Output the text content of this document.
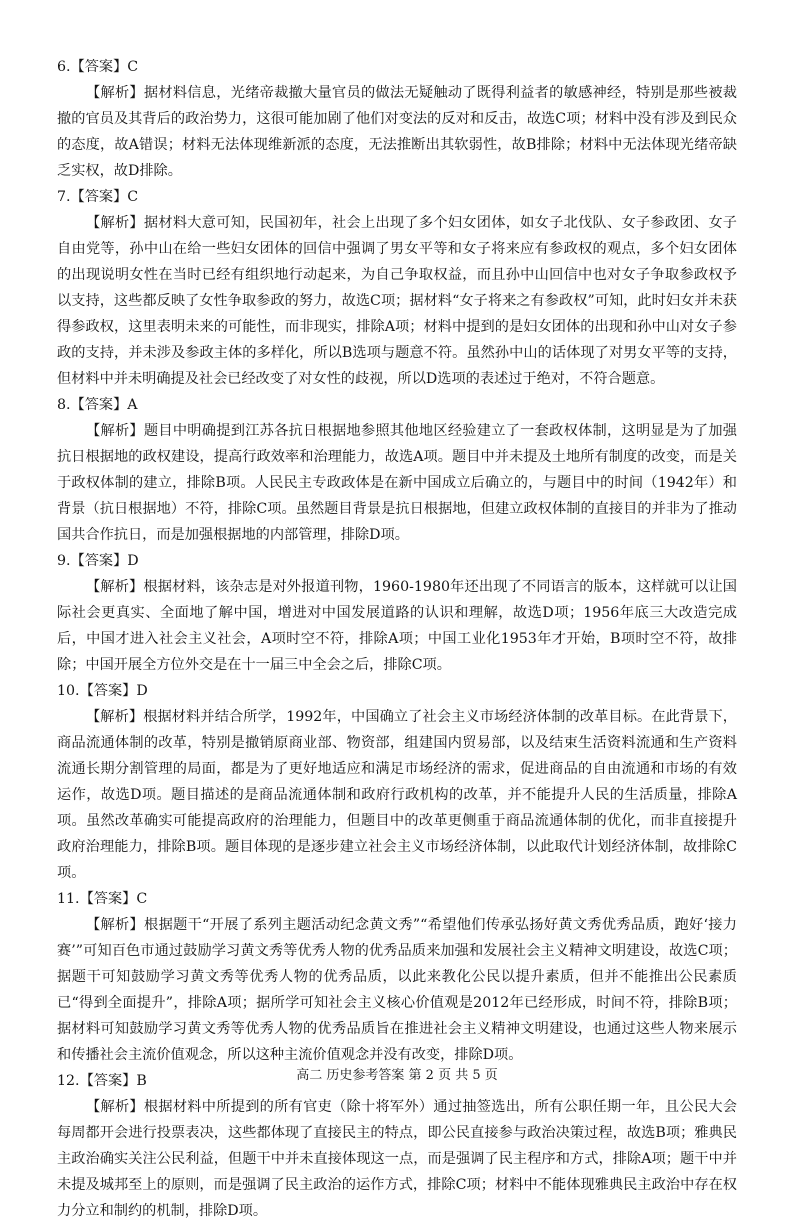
6.【答案】C

【解析】据材料信息，光绪帝裁撤大量官员的做法无疑触动了既得利益者的敏感神经，特别是那些被裁撤的官员及其背后的政治势力，这很可能加剧了他们对变法的反对和反击，故选C项；材料中没有涉及到民众的态度，故A错误；材料无法体现维新派的态度，无法推断出其软弱性，故B排除；材料中无法体现光绪帝缺乏实权，故D排除。

7.【答案】C

【解析】据材料大意可知，民国初年，社会上出现了多个妇女团体，如女子北伐队、女子参政团、女子自由党等，孙中山在给一些妇女团体的回信中强调了男女平等和女子将来应有参政权的观点，多个妇女团体的出现说明女性在当时已经有组织地行动起来，为自己争取权益，而且孙中山回信中也对女子争取参政权予以支持，这些都反映了女性争取参政的努力，故选C项；据材料“女子将来之有参政权”可知，此时妇女并未获得参政权，这里表明未来的可能性，而非现实，排除A项；材料中提到的是妇女团体的出现和孙中山对女子参政的支持，并未涉及参政主体的多样化，所以B选项与题意不符。虽然孙中山的话体现了对男女平等的支持，但材料中并未明确提及社会已经改变了对女性的歧视，所以D选项的表述过于绝对，不符合题意。

8.【答案】A

【解析】题目中明确提到江苏各抗日根据地参照其他地区经验建立了一套政权体制，这明显是为了加强抗日根据地的政权建设，提高行政效率和治理能力，故选A项。题目中并未提及土地所有制度的改变，而是关于政权体制的建立，排除B项。人民民主专政政体是在新中国成立后确立的，与题目中的时间（1942年）和背景（抗日根据地）不符，排除C项。虽然题目背景是抗日根据地，但建立政权体制的直接目的并非为了推动国共合作抗日，而是加强根据地的内部管理，排除D项。

9.【答案】D

【解析】根据材料，该杂志是对外报道刊物，1960-1980年还出现了不同语言的版本，这样就可以让国际社会更真实、全面地了解中国，增进对中国发展道路的认识和理解，故选D项；1956年底三大改造完成后，中国才进入社会主义社会，A项时空不符，排除A项；中国工业化1953年才开始，B项时空不符，故排除；中国开展全方位外交是在十一届三中全会之后，排除C项。

10.【答案】D

【解析】根据材料并结合所学，1992年，中国确立了社会主义市场经济体制的改革目标。在此背景下，商品流通体制的改革，特别是撤销原商业部、物资部，组建国内贸易部，以及结束生活资料流通和生产资料流通长期分割管理的局面，都是为了更好地适应和满足市场经济的需求，促进商品的自由流通和市场的有效运作，故选D项。题目描述的是商品流通体制和政府行政机构的改革，并不能提升人民的生活质量，排除A项。虽然改革确实可能提高政府的治理能力，但题目中的改革更侧重于商品流通体制的优化，而非直接提升政府治理能力，排除B项。题目体现的是逐步建立社会主义市场经济体制，以此取代计划经济体制，故排除C项。

11.【答案】C

【解析】根据题干“开展了系列主题活动纪念黄文秀”“希望他们传承弘扬好黄文秀优秀品质，跑好‘接力赛’”可知百色市通过鼓励学习黄文秀等优秀人物的优秀品质来加强和发展社会主义精神文明建设，故选C项；据题干可知鼓励学习黄文秀等优秀人物的优秀品质，以此来教化公民以提升素质，但并不能推出公民素质已“得到全面提升”，排除A项；据所学可知社会主义核心价值观是2012年已经形成，时间不符，排除B项；据材料可知鼓励学习黄文秀等优秀人物的优秀品质旨在推进社会主义精神文明建设，也通过这些人物来展示和传播社会主流价值观念，所以这种主流价值观念并没有改变，排除D项。

12.【答案】B

【解析】根据材料中所提到的所有官吏（除十将军外）通过抽签选出，所有公职任期一年，且公民大会每周都开会进行投票表决，这些都体现了直接民主的特点，即公民直接参与政治决策过程，故选B项；雅典民主政治确实关注公民利益，但题干中并未直接体现这一点，而是强调了民主程序和方式，排除A项；题干中并未提及城邦至上的原则，而是强调了民主政治的运作方式，排除C项；材料中不能体现雅典民主政治中存在权力分立和制约的机制，排除D项。

高二 历史参考答案 第 2 页 共 5 页
